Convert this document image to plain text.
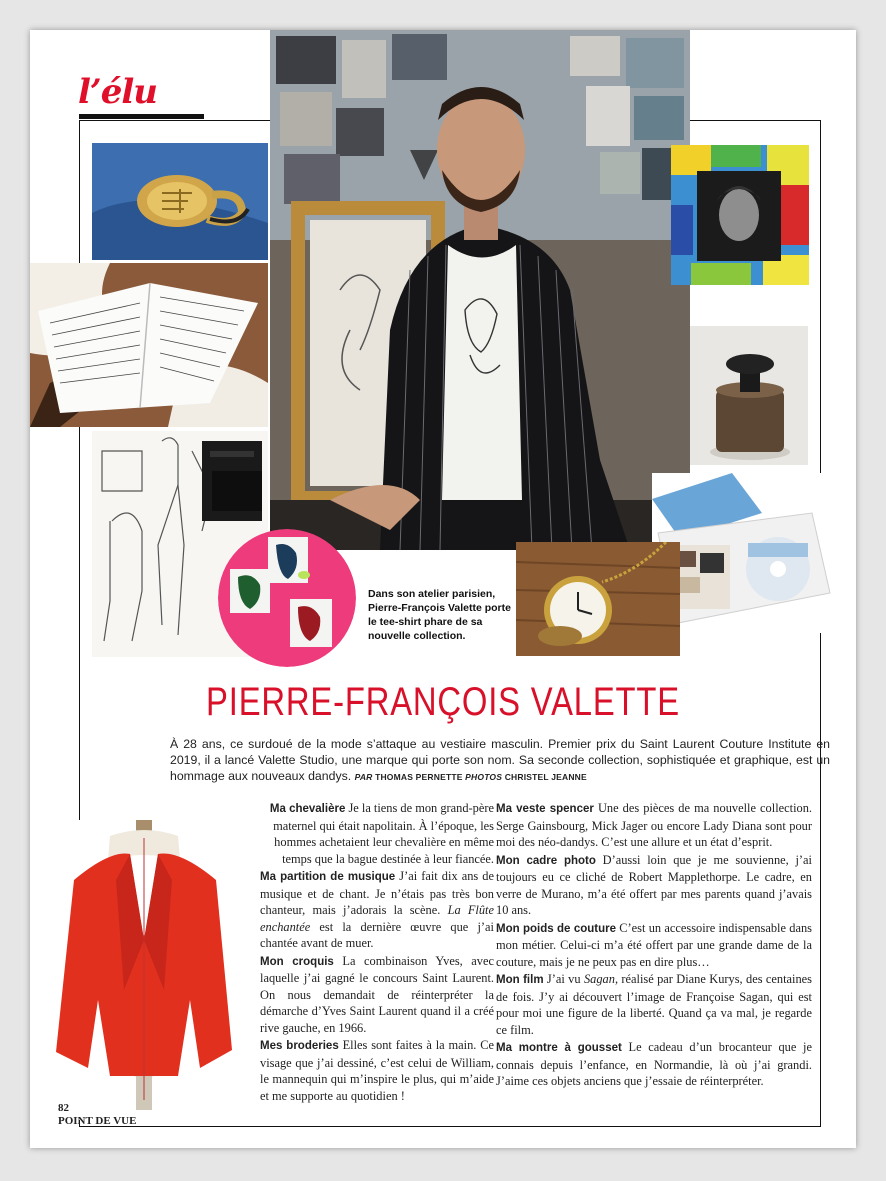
l’élu

Dans son atelier parisien, Pierre-François Valette porte le tee-shirt phare de sa nouvelle collection.

PIERRE-FRANÇOIS VALETTE

À 28 ans, ce surdoué de la mode s’attaque au vestiaire masculin. Premier prix du Saint Laurent Couture Institute en 2019, il a lancé Valette Studio, une marque qui porte son nom. Sa seconde collection, sophistiquée et graphique, est un hommage aux nouveaux dandys. PAR THOMAS PERNETTE PHOTOS CHRISTEL JEANNE

Ma chevalière Je la tiens de mon grand-père maternel qui était napolitain. À l’époque, les hommes achetaient leur chevalière en même temps que la bague destinée à leur fiancée.

Ma partition de musique J’ai fait dix ans de musique et de chant. Je n’étais pas très bon chanteur, mais j’adorais la scène. La Flûte enchantée est la dernière œuvre que j’ai chantée avant de muer.

Mon croquis La combinaison Yves, avec laquelle j’ai gagné le concours Saint Laurent. On nous demandait de réinterpréter la démarche d’Yves Saint Laurent quand il a créé rive gauche, en 1966.

Mes broderies Elles sont faites à la main. Ce visage que j’ai dessiné, c’est celui de William, le mannequin qui m’inspire le plus, qui m’aide et me supporte au quotidien !

Ma veste spencer Une des pièces de ma nouvelle collection. Serge Gainsbourg, Mick Jager ou encore Lady Diana sont pour moi des néo-dandys. C’est une allure et un état d’esprit.

Mon cadre photo D’aussi loin que je me souvienne, j’ai toujours eu ce cliché de Robert Mapplethorpe. Le cadre, en verre de Murano, m’a été offert par mes parents quand j’avais 10 ans.

Mon poids de couture C’est un accessoire indispensable dans mon métier. Celui-ci m’a été offert par une grande dame de la couture, mais je ne peux pas en dire plus…

Mon film J’ai vu Sagan, réalisé par Diane Kurys, des centaines de fois. J’y ai découvert l’image de Françoise Sagan, qui est pour moi une figure de la liberté. Quand ça va mal, je regarde ce film.

Ma montre à gousset Le cadeau d’un brocanteur que je connais depuis l’enfance, en Normandie, là où j’ai grandi. J’aime ces objets anciens que j’essaie de réinterpréter.

82
POINT DE VUE
